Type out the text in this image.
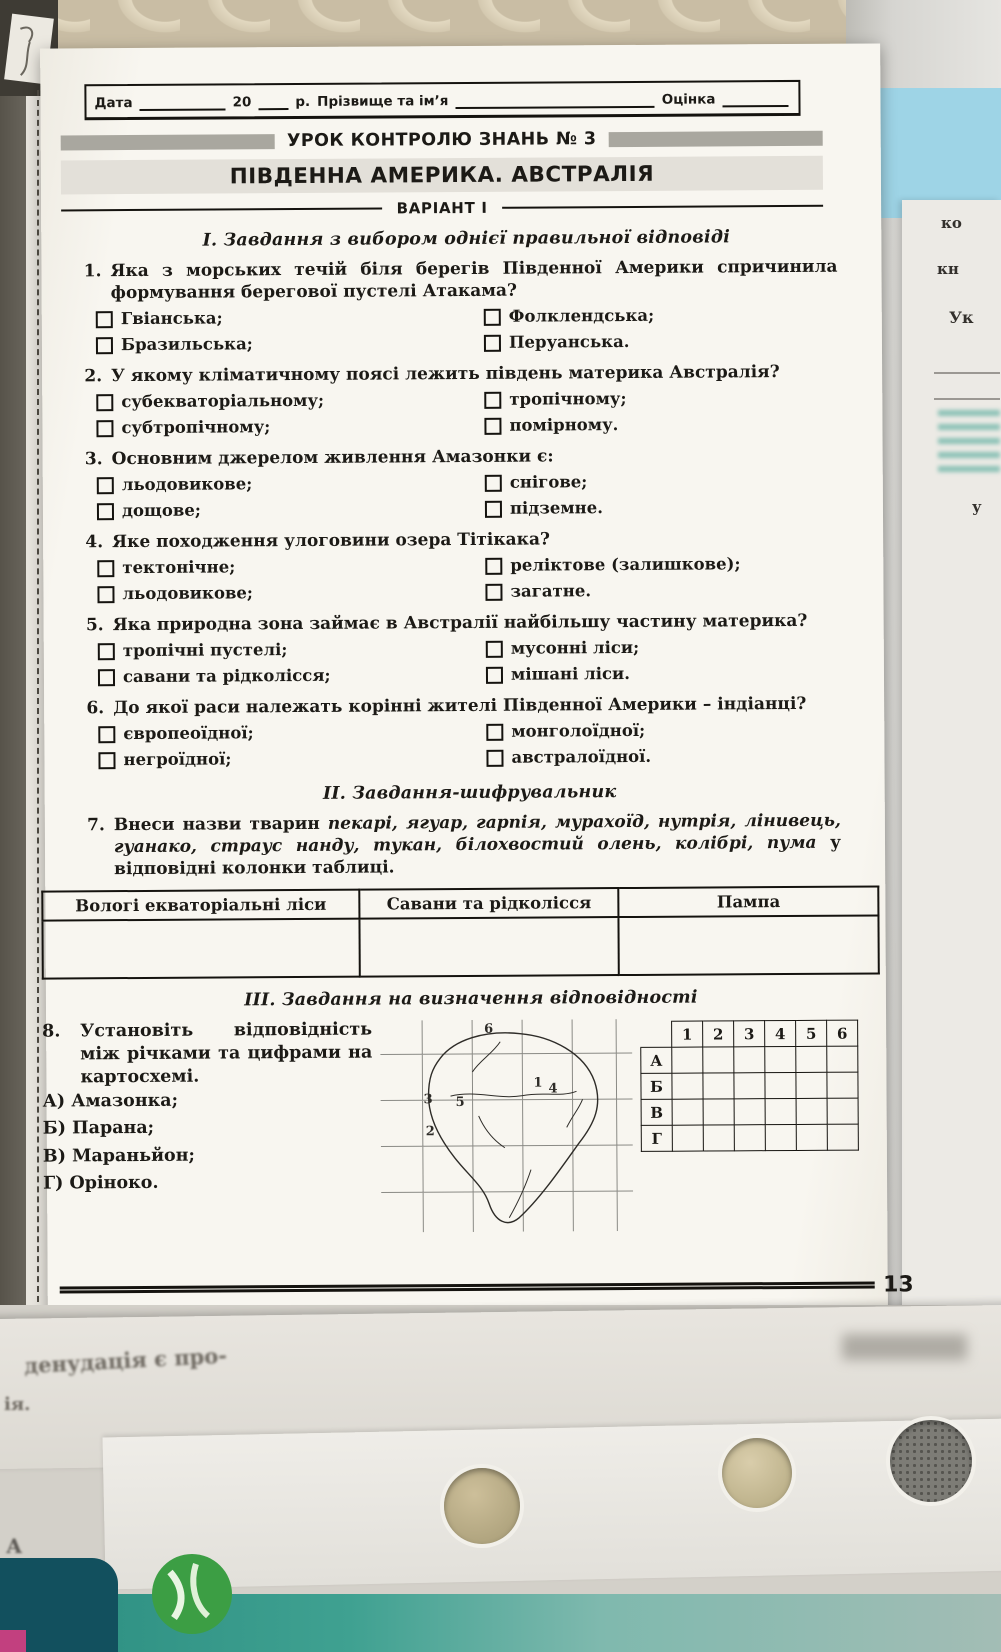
ко
кн
Ук
у
Дата	20	р. Прізвище та ім’я	Оцінка
УРОК КОНТРОЛЮ ЗНАНЬ № 3
ПІВДЕННА АМЕРИКА. АВСТРАЛІЯ
ВАРІАНТ I
I. Завдання з вибором однієї правильної відповіді
1. Яка з морських течій біля берегів Південної Америки спричинила формування берегової пустелі Атакама?
Гвіанська;
Бразильська;
Фолклендська;
Перуанська.
2. У якому кліматичному поясі лежить південь материка Австралія?
субекваторіальному;
субтропічному;
тропічному;
помірному.
3. Основним джерелом живлення Амазонки є:
льодовикове;
дощове;
снігове;
підземне.
4. Яке походження улоговини озера Тітікака?
тектонічне;
льодовикове;
реліктове (залишкове);
загатне.
5. Яка природна зона займає в Австралії найбільшу частину материка?
тропічні пустелі;
савани та рідколісся;
мусонні ліси;
мішані ліси.
6. До якої раси належать корінні жителі Південної Америки – індіанці?
європеоїдної;
негроїдної;
монголоїдної;
австралоїдної.
II. Завдання-шифрувальник
7. Внеси назви тварин пекарі, ягуар, гарпія, мурахоїд, нутрія, лінивець, гуанако, страус нанду, тукан, білохвостий олень, колібрі, пума у відповідні колонки таблиці.
Вологі екваторіальні ліси	Савани та рідколісся	Пампа

III. Завдання на визначення відповідності
8.	Установіть відповідність між річками та цифрами на картосхемі.
А) Амазонка;
Б) Парана;
В) Мараньйон;
Г) Оріноко.
1
2
3
4
5
6
		1	2	3	4	5	6
А						
Б						
В						
Г						
13
денудація є про-
ія.
А
